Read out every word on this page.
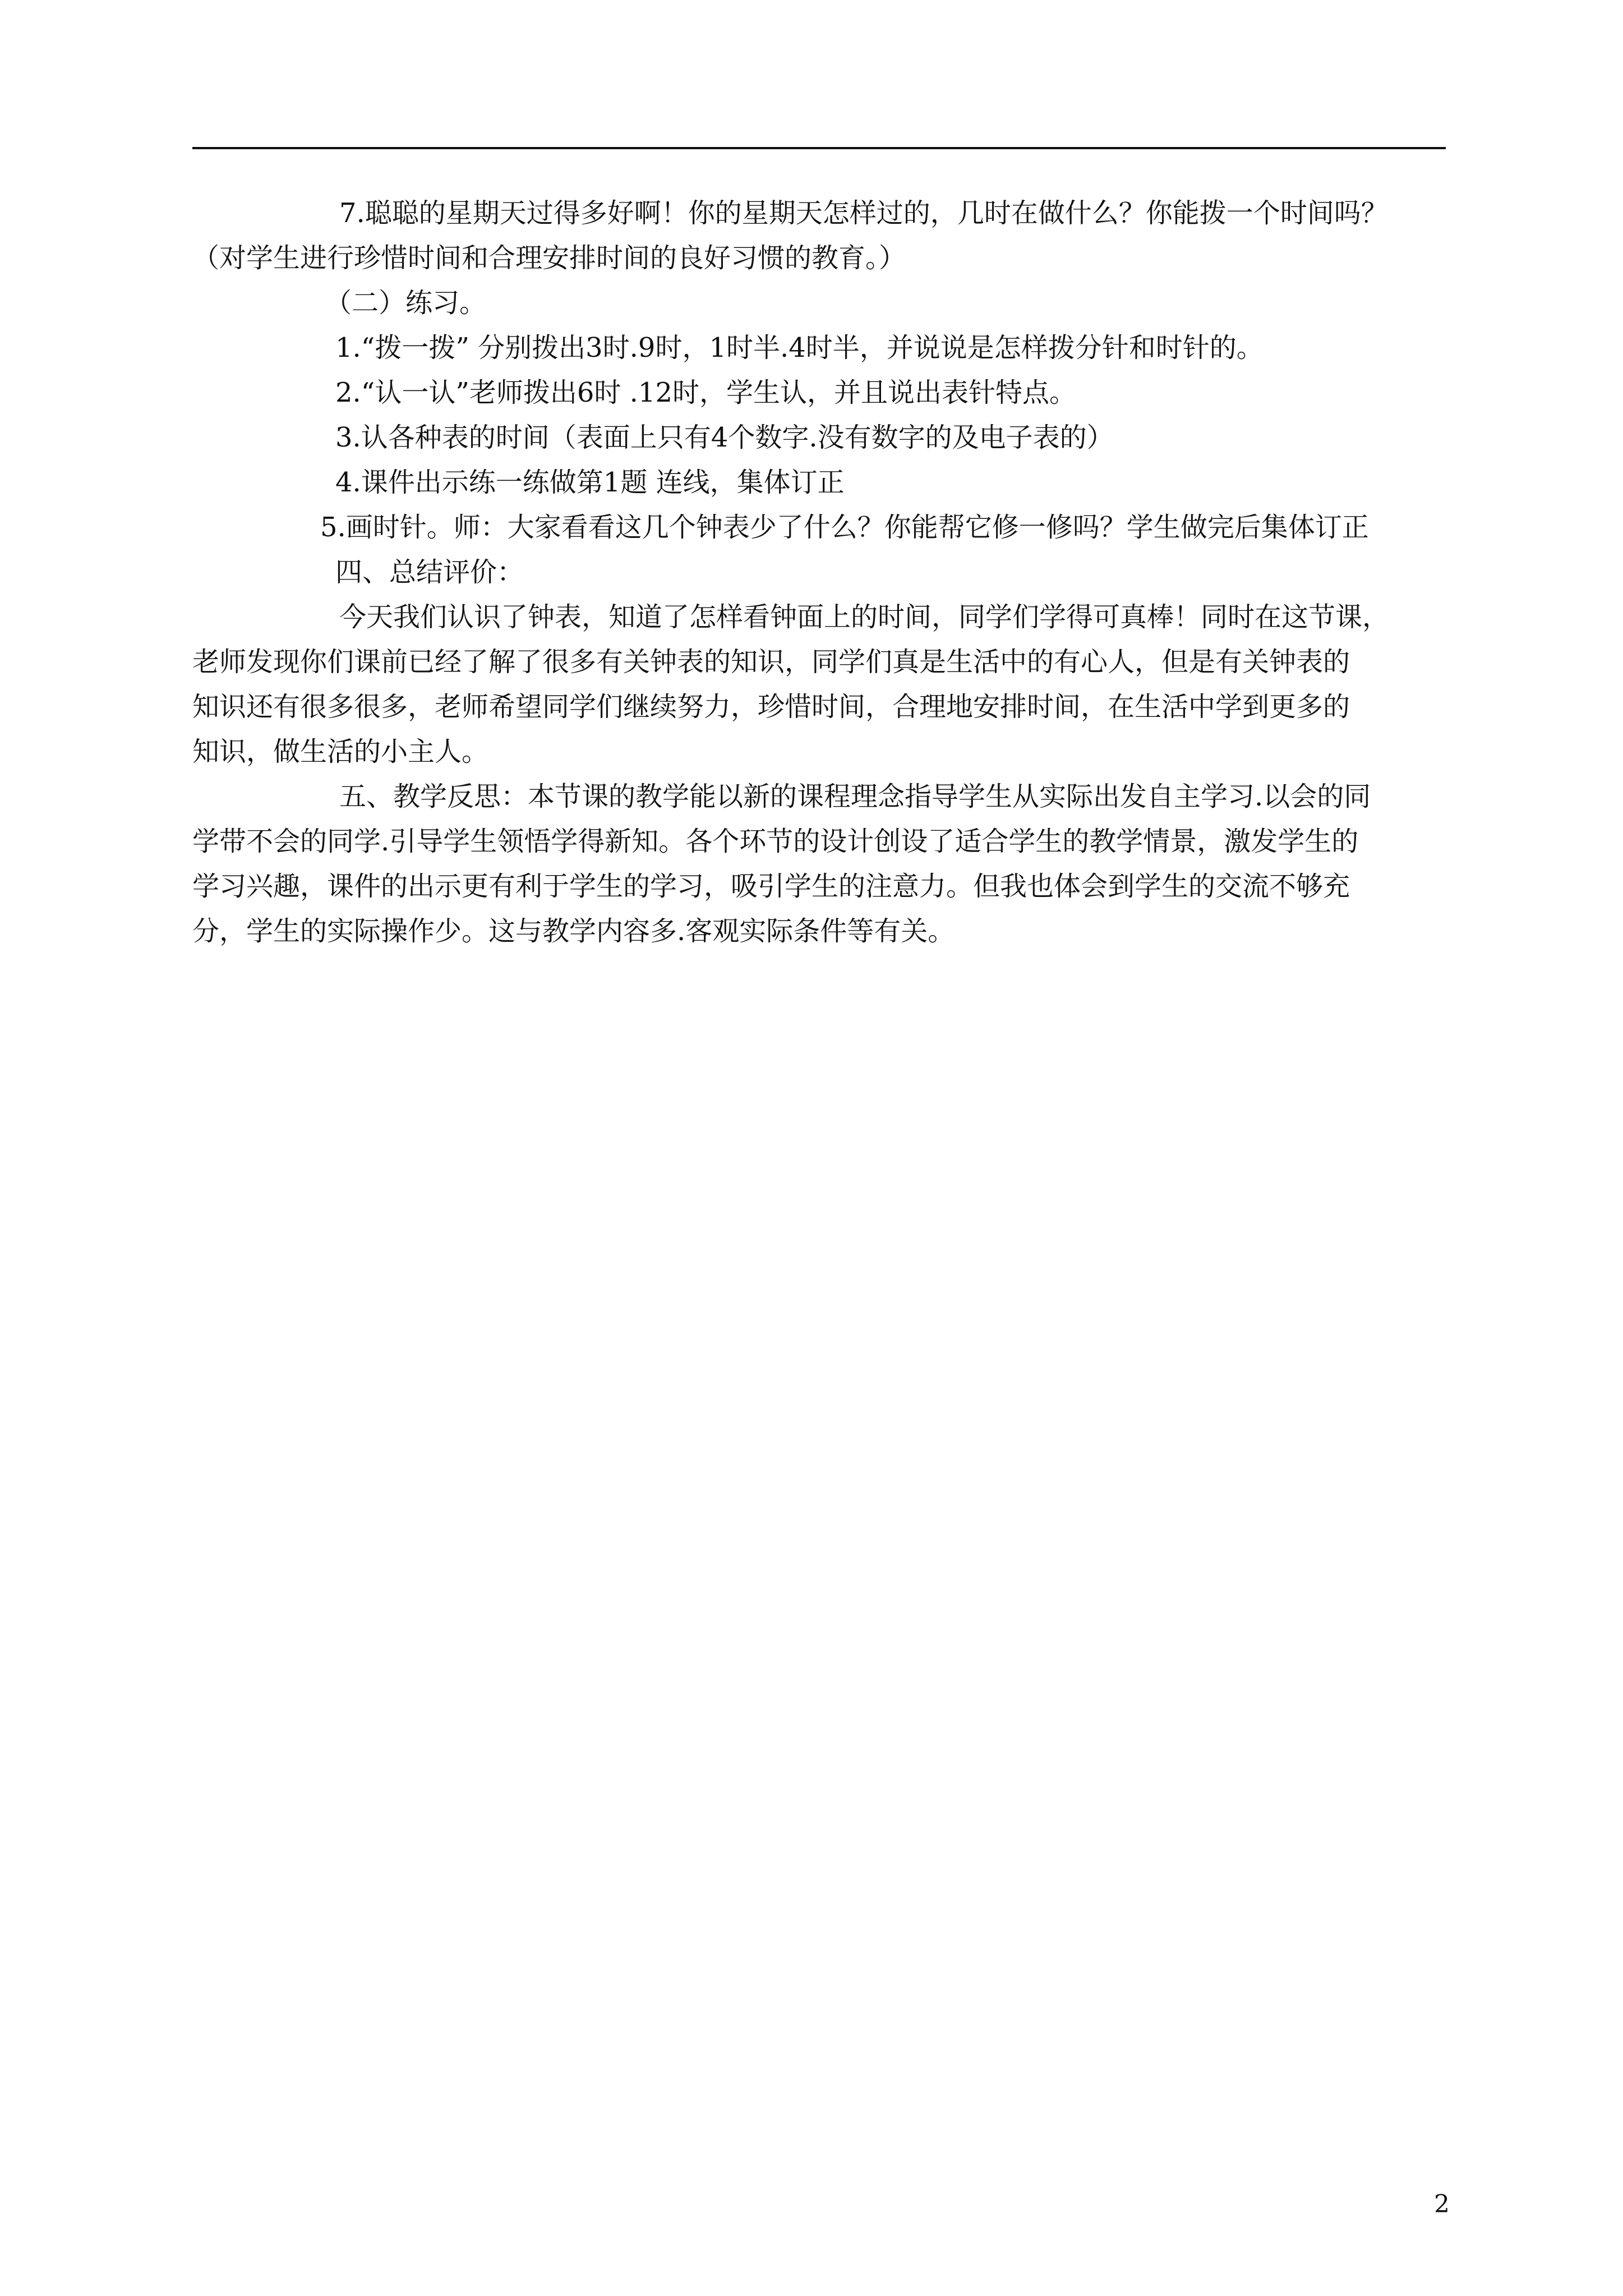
7.聪聪的星期天过得多好啊！你的星期天怎样过的，几时在做什么？你能拨一个时间吗？

（对学生进行珍惜时间和合理安排时间的良好习惯的教育。）

（二）练习。

1.“拨一拨” 分别拨出3时.9时，1时半.4时半，并说说是怎样拨分针和时针的。

2.“认一认”老师拨出6时 .12时，学生认，并且说出表针特点。

3.认各种表的时间（表面上只有4个数字.没有数字的及电子表的）

4.课件出示练一练做第1题 连线，集体订正

5.画时针。师：大家看看这几个钟表少了什么？你能帮它修一修吗？学生做完后集体订正

四、总结评价：

今天我们认识了钟表，知道了怎样看钟面上的时间，同学们学得可真棒！同时在这节课，

老师发现你们课前已经了解了很多有关钟表的知识，同学们真是生活中的有心人，但是有关钟表的

知识还有很多很多，老师希望同学们继续努力，珍惜时间，合理地安排时间，在生活中学到更多的

知识，做生活的小主人。

五、教学反思：本节课的教学能以新的课程理念指导学生从实际出发自主学习.以会的同

学带不会的同学.引导学生领悟学得新知。各个环节的设计创设了适合学生的教学情景，激发学生的

学习兴趣，课件的出示更有利于学生的学习，吸引学生的注意力。但我也体会到学生的交流不够充

分，学生的实际操作少。这与教学内容多.客观实际条件等有关。

2
